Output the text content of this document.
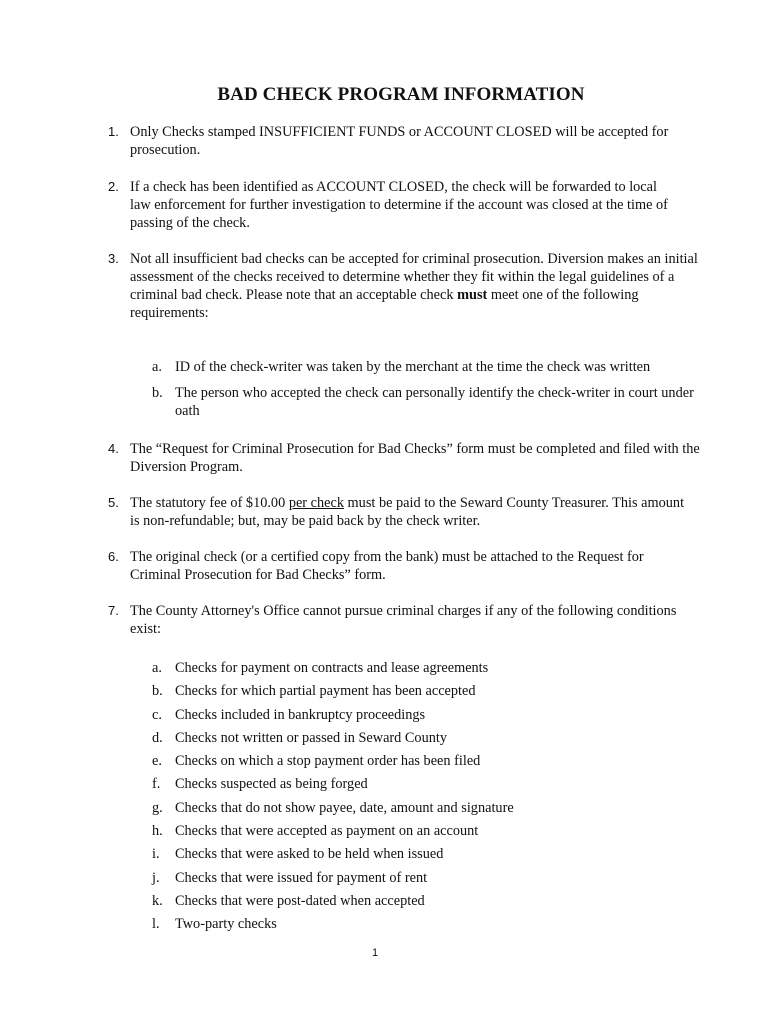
BAD CHECK PROGRAM INFORMATION
1. Only Checks stamped INSUFFICIENT FUNDS or ACCOUNT CLOSED will be accepted for prosecution.
2. If a check has been identified as ACCOUNT CLOSED, the check will be forwarded to local law enforcement for further investigation to determine if the account was closed at the time of passing of the check.
3. Not all insufficient bad checks can be accepted for criminal prosecution. Diversion makes an initial assessment of the checks received to determine whether they fit within the legal guidelines of a criminal bad check. Please note that an acceptable check must meet one of the following requirements:
a. ID of the check-writer was taken by the merchant at the time the check was written
b. The person who accepted the check can personally identify the check-writer in court under oath
4. The “Request for Criminal Prosecution for Bad Checks” form must be completed and filed with the Diversion Program.
5. The statutory fee of $10.00 per check must be paid to the Seward County Treasurer. This amount is non-refundable; but, may be paid back by the check writer.
6. The original check (or a certified copy from the bank) must be attached to the Request for Criminal Prosecution for Bad Checks” form.
7. The County Attorney's Office cannot pursue criminal charges if any of the following conditions exist:
a. Checks for payment on contracts and lease agreements
b. Checks for which partial payment has been accepted
c. Checks included in bankruptcy proceedings
d. Checks not written or passed in Seward County
e. Checks on which a stop payment order has been filed
f.	Checks suspected as being forged
g. Checks that do not show payee, date, amount and signature
h. Checks that were accepted as payment on an account
i.	Checks that were asked to be held when issued
j.	Checks that were issued for payment of rent
k. Checks that were post-dated when accepted
l.	Two-party checks
1
